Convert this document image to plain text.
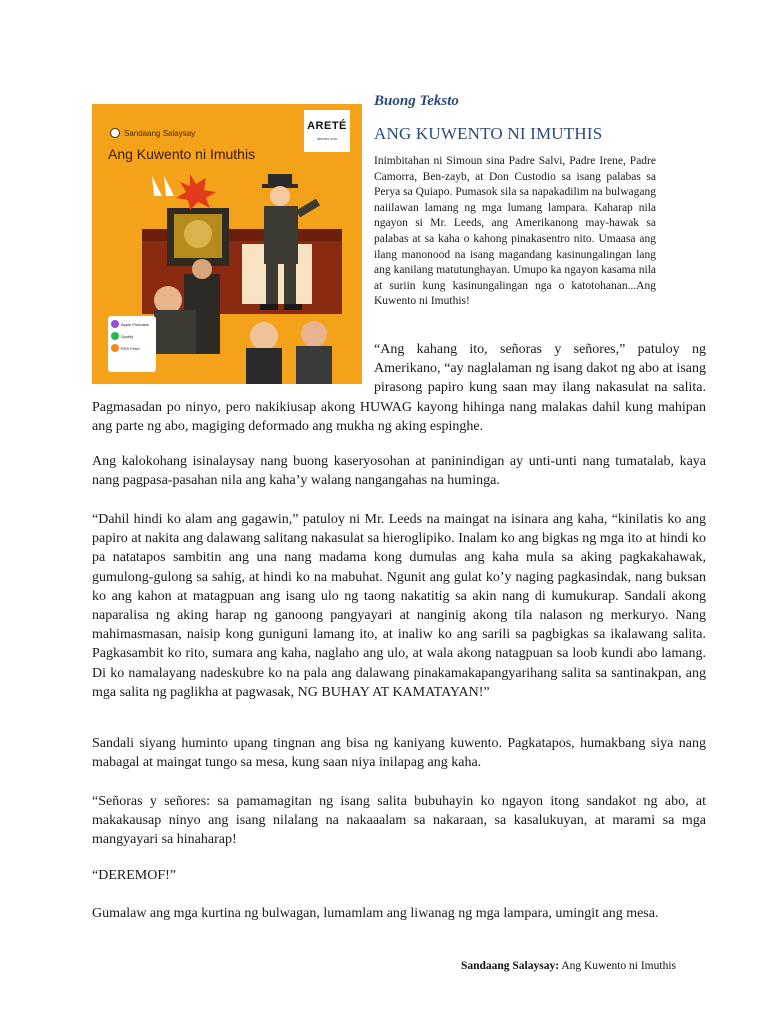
Sandaang Salaysay
Ang Kuwento ni Imuthis
ARETÉ
ateneo.edu
Apple Podcasts
Spotify
RSS Feed
Buong Teksto
ANG KUWENTO NI IMUTHIS

Inimbitahan ni Simoun sina Padre Salvi, Padre Irene, Padre Camorra, Ben-zayb, at Don Custodio sa isang palabas sa Perya sa Quiapo. Pumasok sila sa napakadilim na bulwagang naiilawan lamang ng mga lumang lampara. Kaharap nila ngayon si Mr. Leeds, ang Amerikanong may-hawak sa palabas at sa kaha o kahong pinakasentro nito. Umaasa ang ilang manonood na isang magandang kasinungalingan lang ang kanilang matutunghayan. Umupo ka ngayon kasama nila at suriin kung kasinungalingan nga o katotohanan...Ang Kuwento ni Imuthis!

“Ang kahang ito, señoras y señores,” patuloy ng Amerikano, “ay naglalaman ng isang dakot ng abo at isang pirasong papiro kung saan may ilang nakasulat na salita. Pagmasadan po ninyo, pero nakikiusap akong HUWAG kayong hihinga nang malakas dahil kung mahipan ang parte ng abo, magiging deformado ang mukha ng aking espinghe.

Ang kalokohang isinalaysay nang buong kaseryosohan at paninindigan ay unti-unti nang tumatalab, kaya nang pagpasa-pasahan nila ang kaha’y walang nangangahas na huminga.

“Dahil hindi ko alam ang gagawin,” patuloy ni Mr. Leeds na maingat na isinara ang kaha, “kinilatis ko ang papiro at nakita ang dalawang salitang nakasulat sa hieroglipiko. Inalam ko ang bigkas ng mga ito at hindi ko pa natatapos sambitin ang una nang madama kong dumulas ang kaha mula sa aking pagkakahawak, gumulong-gulong sa sahig, at hindi ko na mabuhat. Ngunit ang gulat ko’y naging pagkasindak, nang buksan ko ang kahon at matagpuan ang isang ulo ng taong nakatitig sa akin nang di kumukurap. Sandali akong naparalisa ng aking harap ng ganoong pangyayari at nanginig akong tila nalason ng merkuryo. Nang mahimasmasan, naisip kong guniguni lamang ito, at inaliw ko ang sarili sa pagbigkas sa ikalawang salita. Pagkasambit ko rito, sumara ang kaha, naglaho ang ulo, at wala akong natagpuan sa loob kundi abo lamang. Di ko namalayang nadeskubre ko na pala ang dalawang pinakamakapangyarihang salita sa santinakpan, ang mga salita ng paglikha at pagwasak, NG BUHAY AT KAMATAYAN!”

Sandali siyang huminto upang tingnan ang bisa ng kaniyang kuwento. Pagkatapos, humakbang siya nang mabagal at maingat tungo sa mesa, kung saan niya inilapag ang kaha.

“Señoras y señores: sa pamamagitan ng isang salita bubuhayin ko ngayon itong sandakot ng abo, at makakausap ninyo ang isang nilalang na nakaaalam sa nakaraan, sa kasalukuyan, at marami sa mga mangyayari sa hinaharap!

“DEREMOF!”

Gumalaw ang mga kurtina ng bulwagan, lumamlam ang liwanag ng mga lampara, umingit ang mesa.

Sandaang Salaysay: Ang Kuwento ni Imuthis
